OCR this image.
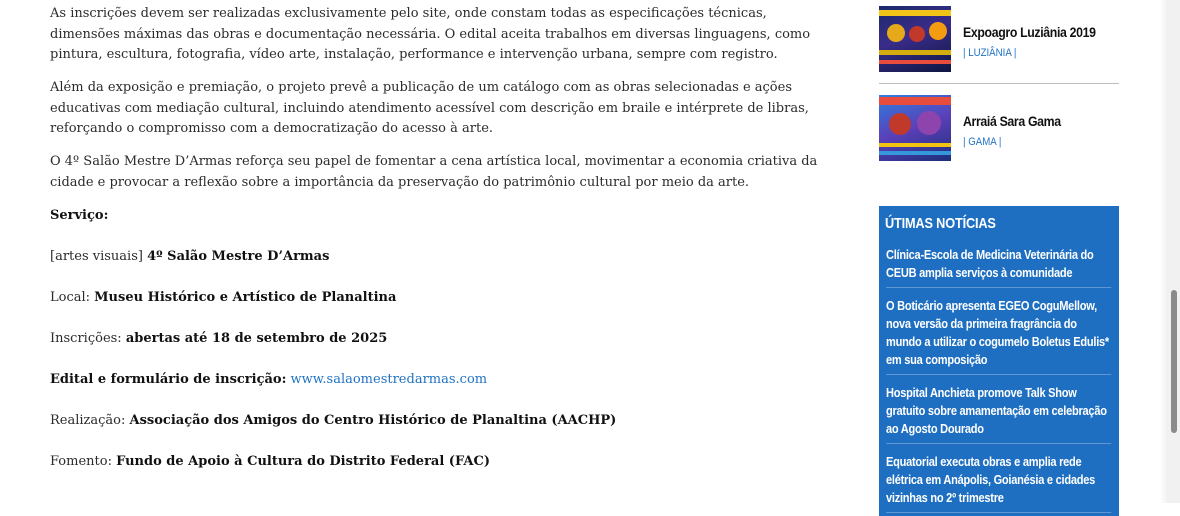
As inscrições devem ser realizadas exclusivamente pelo site, onde constam todas as especificações técnicas, dimensões máximas das obras e documentação necessária. O edital aceita trabalhos em diversas linguagens, como pintura, escultura, fotografia, vídeo arte, instalação, performance e intervenção urbana, sempre com registro.

Além da exposição e premiação, o projeto prevê a publicação de um catálogo com as obras selecionadas e ações educativas com mediação cultural, incluindo atendimento acessível com descrição em braile e intérprete de libras, reforçando o compromisso com a democratização do acesso à arte.

O 4º Salão Mestre D’Armas reforça seu papel de fomentar a cena artística local, movimentar a economia criativa da cidade e provocar a reflexão sobre a importância da preservação do patrimônio cultural por meio da arte.

Serviço:

[artes visuais] 4º Salão Mestre D’Armas

Local: Museu Histórico e Artístico de Planaltina

Inscrições: abertas até 18 de setembro de 2025

Edital e formulário de inscrição: www.salaomestredarmas.com

Realização: Associação dos Amigos do Centro Histórico de Planaltina (AACHP)

Fomento: Fundo de Apoio à Cultura do Distrito Federal (FAC)

Expoagro Luziânia 2019
| LUZIÂNIA |
Arraiá Sara Gama
| GAMA |
ÚTIMAS NOTÍCIAS
Clínica-Escola de Medicina Veterinária do CEUB amplia serviços à comunidade
O Boticário apresenta EGEO CoguMellow, nova versão da primeira fragrância do mundo a utilizar o cogumelo Boletus Edulis* em sua composição
Hospital Anchieta promove Talk Show gratuito sobre amamentação em celebração ao Agosto Dourado
Equatorial executa obras e amplia rede elétrica em Anápolis, Goianésia e cidades vizinhas no 2º trimestre
